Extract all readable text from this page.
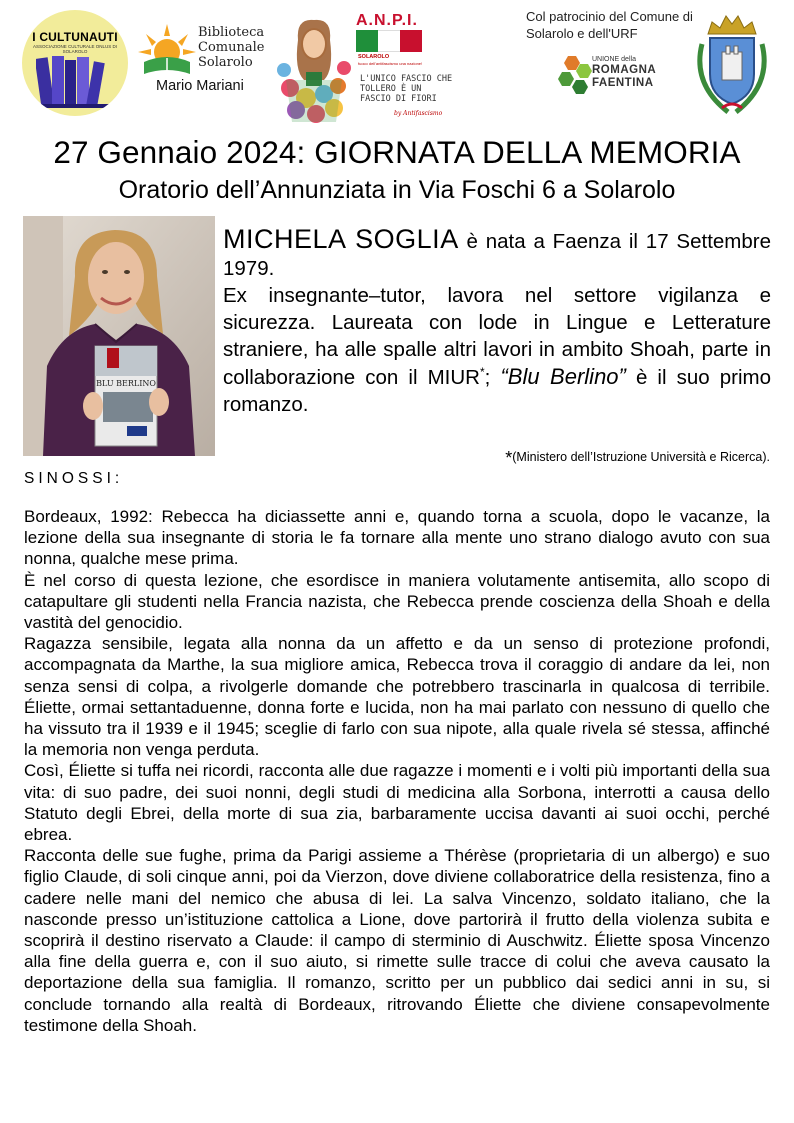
I CULTUNAUTI
ASSOCIAZIONE CULTURALE ONLUS DI SOLAROLO
Biblioteca
Comunale
Solarolo
Mario Mariani
A.N.P.I.
SOLAROLO
fuoco dell'antifascismo una nazione!
L'UNICO FASCIO CHE
TOLLERO È UN
FASCIO DI FIORI
by Antifascismo
Col patrocinio del Comune di
Solarolo e dell'URF
UNIONE della
ROMAGNA
FAENTINA
27 Gennaio 2024: GIORNATA DELLA MEMORIA
Oratorio dell’Annunziata in Via Foschi 6 a Solarolo
BLU BERLINO

MICHELA SOGLIA è nata a Faenza il 17 Settembre 1979.

Ex insegnante–tutor, lavora nel settore vigilanza e sicurezza. Laureata con lode in Lingue e Letterature straniere, ha alle spalle altri lavori in ambito Shoah, parte in collaborazione con il MIUR*; “Blu Berlino” è il suo primo romanzo.

*(Ministero dell’Istruzione Università e Ricerca).
SINOSSI:

Bordeaux, 1992: Rebecca ha diciassette anni e, quando torna a scuola, dopo le vacanze, la lezione della sua insegnante di storia le fa tornare alla mente uno strano dialogo avuto con sua nonna, qualche mese prima.

È nel corso di questa lezione, che esordisce in maniera volutamente antisemita, allo scopo di catapultare gli studenti nella Francia nazista, che Rebecca prende coscienza della Shoah e della vastità del genocidio.

Ragazza sensibile, legata alla nonna da un affetto e da un senso di protezione profondi, accompagnata da Marthe, la sua migliore amica, Rebecca trova il coraggio di andare da lei, non senza sensi di colpa, a rivolgerle domande che potrebbero trascinarla in qualcosa di terribile. Éliette, ormai settantaduenne, donna forte e lucida, non ha mai parlato con nessuno di quello che ha vissuto tra il 1939 e il 1945; sceglie di farlo con sua nipote, alla quale rivela sé stessa, affinché la memoria non venga perduta.

Così, Éliette si tuffa nei ricordi, racconta alle due ragazze i momenti e i volti più importanti della sua vita: di suo padre, dei suoi nonni, degli studi di medicina alla Sorbona, interrotti a causa dello Statuto degli Ebrei, della morte di sua zia, barbaramente uccisa davanti ai suoi occhi, perché ebrea.

Racconta delle sue fughe, prima da Parigi assieme a Thérèse (proprietaria di un albergo) e suo figlio Claude, di soli cinque anni, poi da Vierzon, dove diviene collaboratrice della resistenza, fino a cadere nelle mani del nemico che abusa di lei. La salva Vincenzo, soldato italiano, che la nasconde presso un’istituzione cattolica a Lione, dove partorirà il frutto della violenza subita e scoprirà il destino riservato a Claude: il campo di sterminio di Auschwitz. Éliette sposa Vincenzo alla fine della guerra e, con il suo aiuto, si rimette sulle tracce di colui che aveva causato la deportazione della sua famiglia. Il romanzo, scritto per un pubblico dai sedici anni in su, si conclude tornando alla realtà di Bordeaux, ritrovando Éliette che diviene consapevolmente testimone della Shoah.
